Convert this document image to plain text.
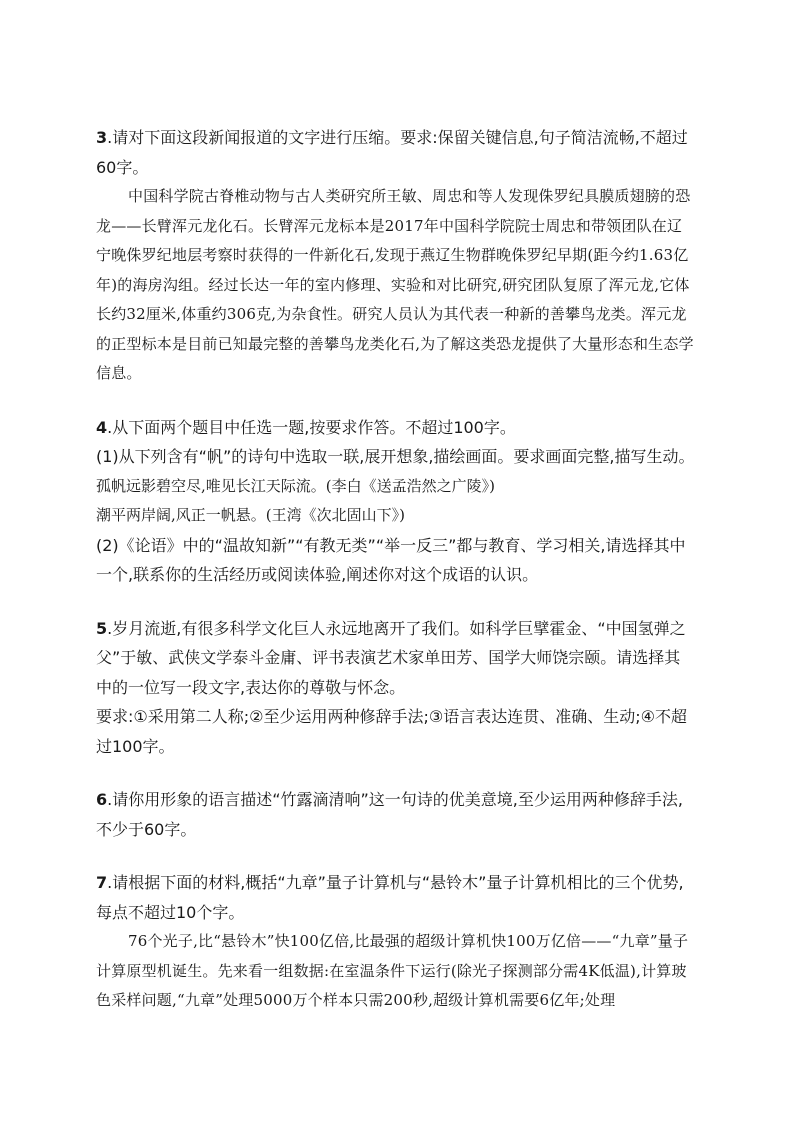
3.请对下面这段新闻报道的文字进行压缩。要求:保留关键信息,句子简洁流畅,不超过60字。

中国科学院古脊椎动物与古人类研究所王敏、周忠和等人发现侏罗纪具膜质翅膀的恐龙——长臂浑元龙化石。长臂浑元龙标本是2017年中国科学院院士周忠和带领团队在辽宁晚侏罗纪地层考察时获得的一件新化石,发现于燕辽生物群晚侏罗纪早期(距今约1.63亿年)的海房沟组。经过长达一年的室内修理、实验和对比研究,研究团队复原了浑元龙,它体长约32厘米,体重约306克,为杂食性。研究人员认为其代表一种新的善攀鸟龙类。浑元龙的正型标本是目前已知最完整的善攀鸟龙类化石,为了解这类恐龙提供了大量形态和生态学信息。

4.从下面两个题目中任选一题,按要求作答。不超过100字。

(1)从下列含有“帆”的诗句中选取一联,展开想象,描绘画面。要求画面完整,描写生动。

孤帆远影碧空尽,唯见长江天际流。(李白《送孟浩然之广陵》)

潮平两岸阔,风正一帆悬。(王湾《次北固山下》)

(2)《论语》中的“温故知新”“有教无类”“举一反三”都与教育、学习相关,请选择其中一个,联系你的生活经历或阅读体验,阐述你对这个成语的认识。

5.岁月流逝,有很多科学文化巨人永远地离开了我们。如科学巨擘霍金、“中国氢弹之父”于敏、武侠文学泰斗金庸、评书表演艺术家单田芳、国学大师饶宗颐。请选择其中的一位写一段文字,表达你的尊敬与怀念。

要求:①采用第二人称;②至少运用两种修辞手法;③语言表达连贯、准确、生动;④不超过100字。

6.请你用形象的语言描述“竹露滴清响”这一句诗的优美意境,至少运用两种修辞手法,不少于60字。

7.请根据下面的材料,概括“九章”量子计算机与“悬铃木”量子计算机相比的三个优势,每点不超过10个字。

76个光子,比“悬铃木”快100亿倍,比最强的超级计算机快100万亿倍——“九章”量子计算原型机诞生。先来看一组数据:在室温条件下运行(除光子探测部分需4K低温),计算玻色采样问题,“九章”处理5000万个样本只需200秒,超级计算机需要6亿年;处理
